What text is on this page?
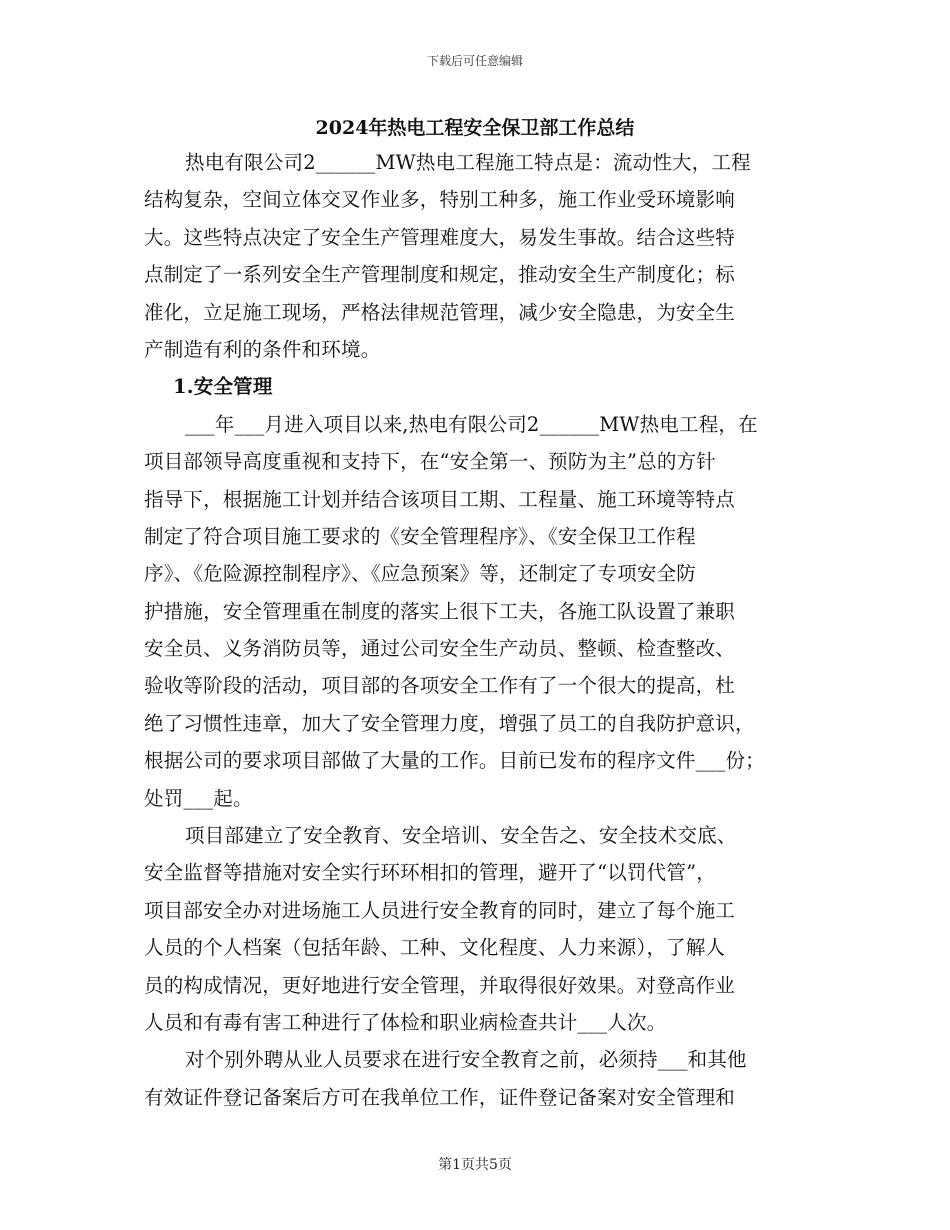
下载后可任意编辑
2024年热电工程安全保卫部工作总结
热电有限公司2______MW热电工程施工特点是：流动性大，工程
结构复杂，空间立体交叉作业多，特别工种多，施工作业受环境影响
大。这些特点决定了安全生产管理难度大，易发生事故。结合这些特
点制定了一系列安全生产管理制度和规定，推动安全生产制度化；标
准化，立足施工现场，严格法律规范管理，减少安全隐患，为安全生
产制造有利的条件和环境。
1.安全管理
___年___月进入项目以来,热电有限公司2______MW热电工程，在
项目部领导高度重视和支持下，在“安全第一、预防为主”总的方针
指导下，根据施工计划并结合该项目工期、工程量、施工环境等特点
制定了符合项目施工要求的《安全管理程序》、《安全保卫工作程
序》、《危险源控制程序》、《应急预案》等，还制定了专项安全防
护措施，安全管理重在制度的落实上很下工夫，各施工队设置了兼职
安全员、义务消防员等，通过公司安全生产动员、整顿、检查整改、
验收等阶段的活动，项目部的各项安全工作有了一个很大的提高，杜
绝了习惯性违章，加大了安全管理力度，增强了员工的自我防护意识，
根据公司的要求项目部做了大量的工作。目前已发布的程序文件___份；
处罚___起。
项目部建立了安全教育、安全培训、安全告之、安全技术交底、
安全监督等措施对安全实行环环相扣的管理，避开了“以罚代管”，
项目部安全办对进场施工人员进行安全教育的同时，建立了每个施工
人员的个人档案（包括年龄、工种、文化程度、人力来源），了解人
员的构成情况，更好地进行安全管理，并取得很好效果。对登高作业
人员和有毒有害工种进行了体检和职业病检查共计___人次。
对个别外聘从业人员要求在进行安全教育之前，必须持___和其他
有效证件登记备案后方可在我单位工作，证件登记备案对安全管理和
第1页共5页
